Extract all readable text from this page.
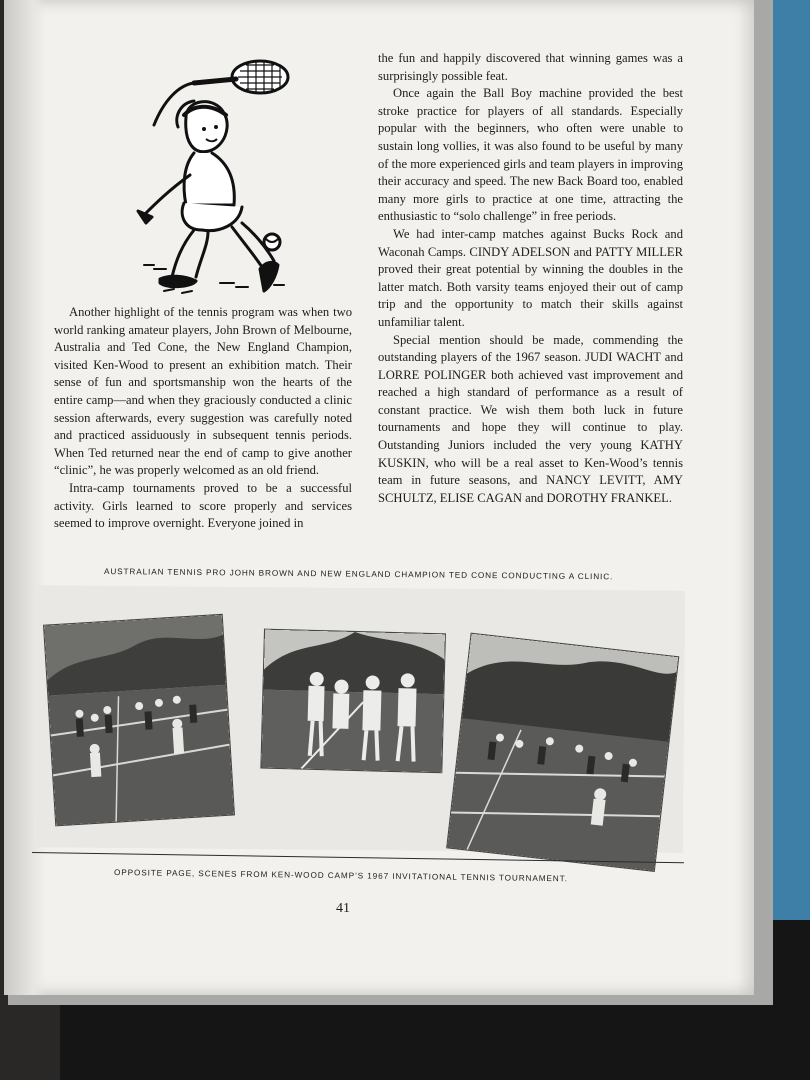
Another highlight of the tennis program was when two world ranking amateur players, John Brown of Melbourne, Australia and Ted Cone, the New England Champion, visited Ken-Wood to present an exhibition match. Their sense of fun and sportsmanship won the hearts of the entire camp—and when they graciously conducted a clinic session afterwards, every suggestion was carefully noted and practiced assiduously in subsequent tennis periods. When Ted returned near the end of camp to give another “clinic”, he was properly welcomed as an old friend.

Intra-camp tournaments proved to be a successful activity. Girls learned to score properly and services seemed to improve overnight. Everyone joined in

the fun and happily discovered that winning games was a surprisingly possible feat.

Once again the Ball Boy machine provided the best stroke practice for players of all standards. Especially popular with the beginners, who often were unable to sustain long vollies, it was also found to be useful by many of the more experienced girls and team players in improving their accuracy and speed. The new Back Board too, enabled many more girls to practice at one time, attracting the enthusiastic to “solo challenge” in free periods.

We had inter-camp matches against Bucks Rock and Waconah Camps. CINDY ADELSON and PATTY MILLER proved their great potential by winning the doubles in the latter match. Both varsity teams enjoyed their out of camp trip and the opportunity to match their skills against unfamiliar talent.

Special mention should be made, commending the outstanding players of the 1967 season. JUDI WACHT and LORRE POLINGER both achieved vast improvement and reached a high standard of performance as a result of constant practice. We wish them both luck in future tournaments and hope they will continue to play. Outstanding Juniors included the very young KATHY KUSKIN, who will be a real asset to Ken-Wood’s tennis team in future seasons, and NANCY LEVITT, AMY SCHULTZ, ELISE CAGAN and DOROTHY FRANKEL.

AUSTRALIAN TENNIS PRO JOHN BROWN AND NEW ENGLAND CHAMPION TED CONE CONDUCTING A CLINIC.
OPPOSITE PAGE, SCENES FROM KEN-WOOD CAMP’S 1967 INVITATIONAL TENNIS TOURNAMENT.
41
